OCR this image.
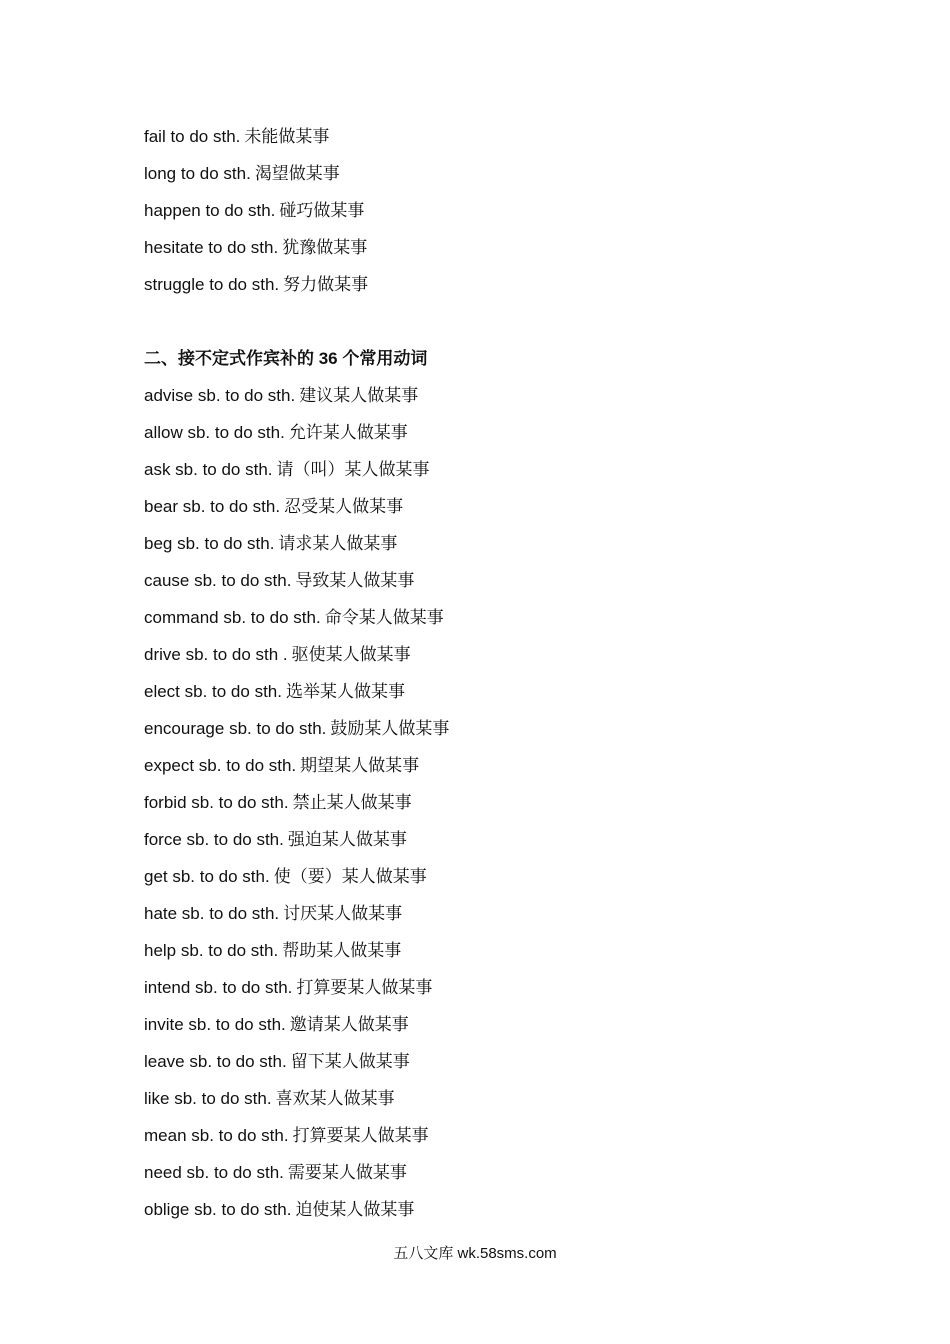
fail to do sth. 未能做某事
long to do sth. 渴望做某事
happen to do sth. 碰巧做某事
hesitate to do sth. 犹豫做某事
struggle to do sth. 努力做某事
二、接不定式作宾补的 36 个常用动词
advise sb. to do sth. 建议某人做某事
allow sb. to do sth. 允许某人做某事
ask sb. to do sth. 请（叫）某人做某事
bear sb. to do sth. 忍受某人做某事
beg sb. to do sth. 请求某人做某事
cause sb. to do sth. 导致某人做某事
command sb. to do sth. 命令某人做某事
drive sb. to do sth . 驱使某人做某事
elect sb. to do sth. 选举某人做某事
encourage sb. to do sth. 鼓励某人做某事
expect sb. to do sth. 期望某人做某事
forbid sb. to do sth. 禁止某人做某事
force sb. to do sth. 强迫某人做某事
get sb. to do sth. 使（要）某人做某事
hate sb. to do sth. 讨厌某人做某事
help sb. to do sth. 帮助某人做某事
intend sb. to do sth. 打算要某人做某事
invite sb. to do sth. 邀请某人做某事
leave sb. to do sth. 留下某人做某事
like sb. to do sth. 喜欢某人做某事
mean sb. to do sth. 打算要某人做某事
need sb. to do sth. 需要某人做某事
oblige sb. to do sth. 迫使某人做某事
五八文库 wk.58sms.com
